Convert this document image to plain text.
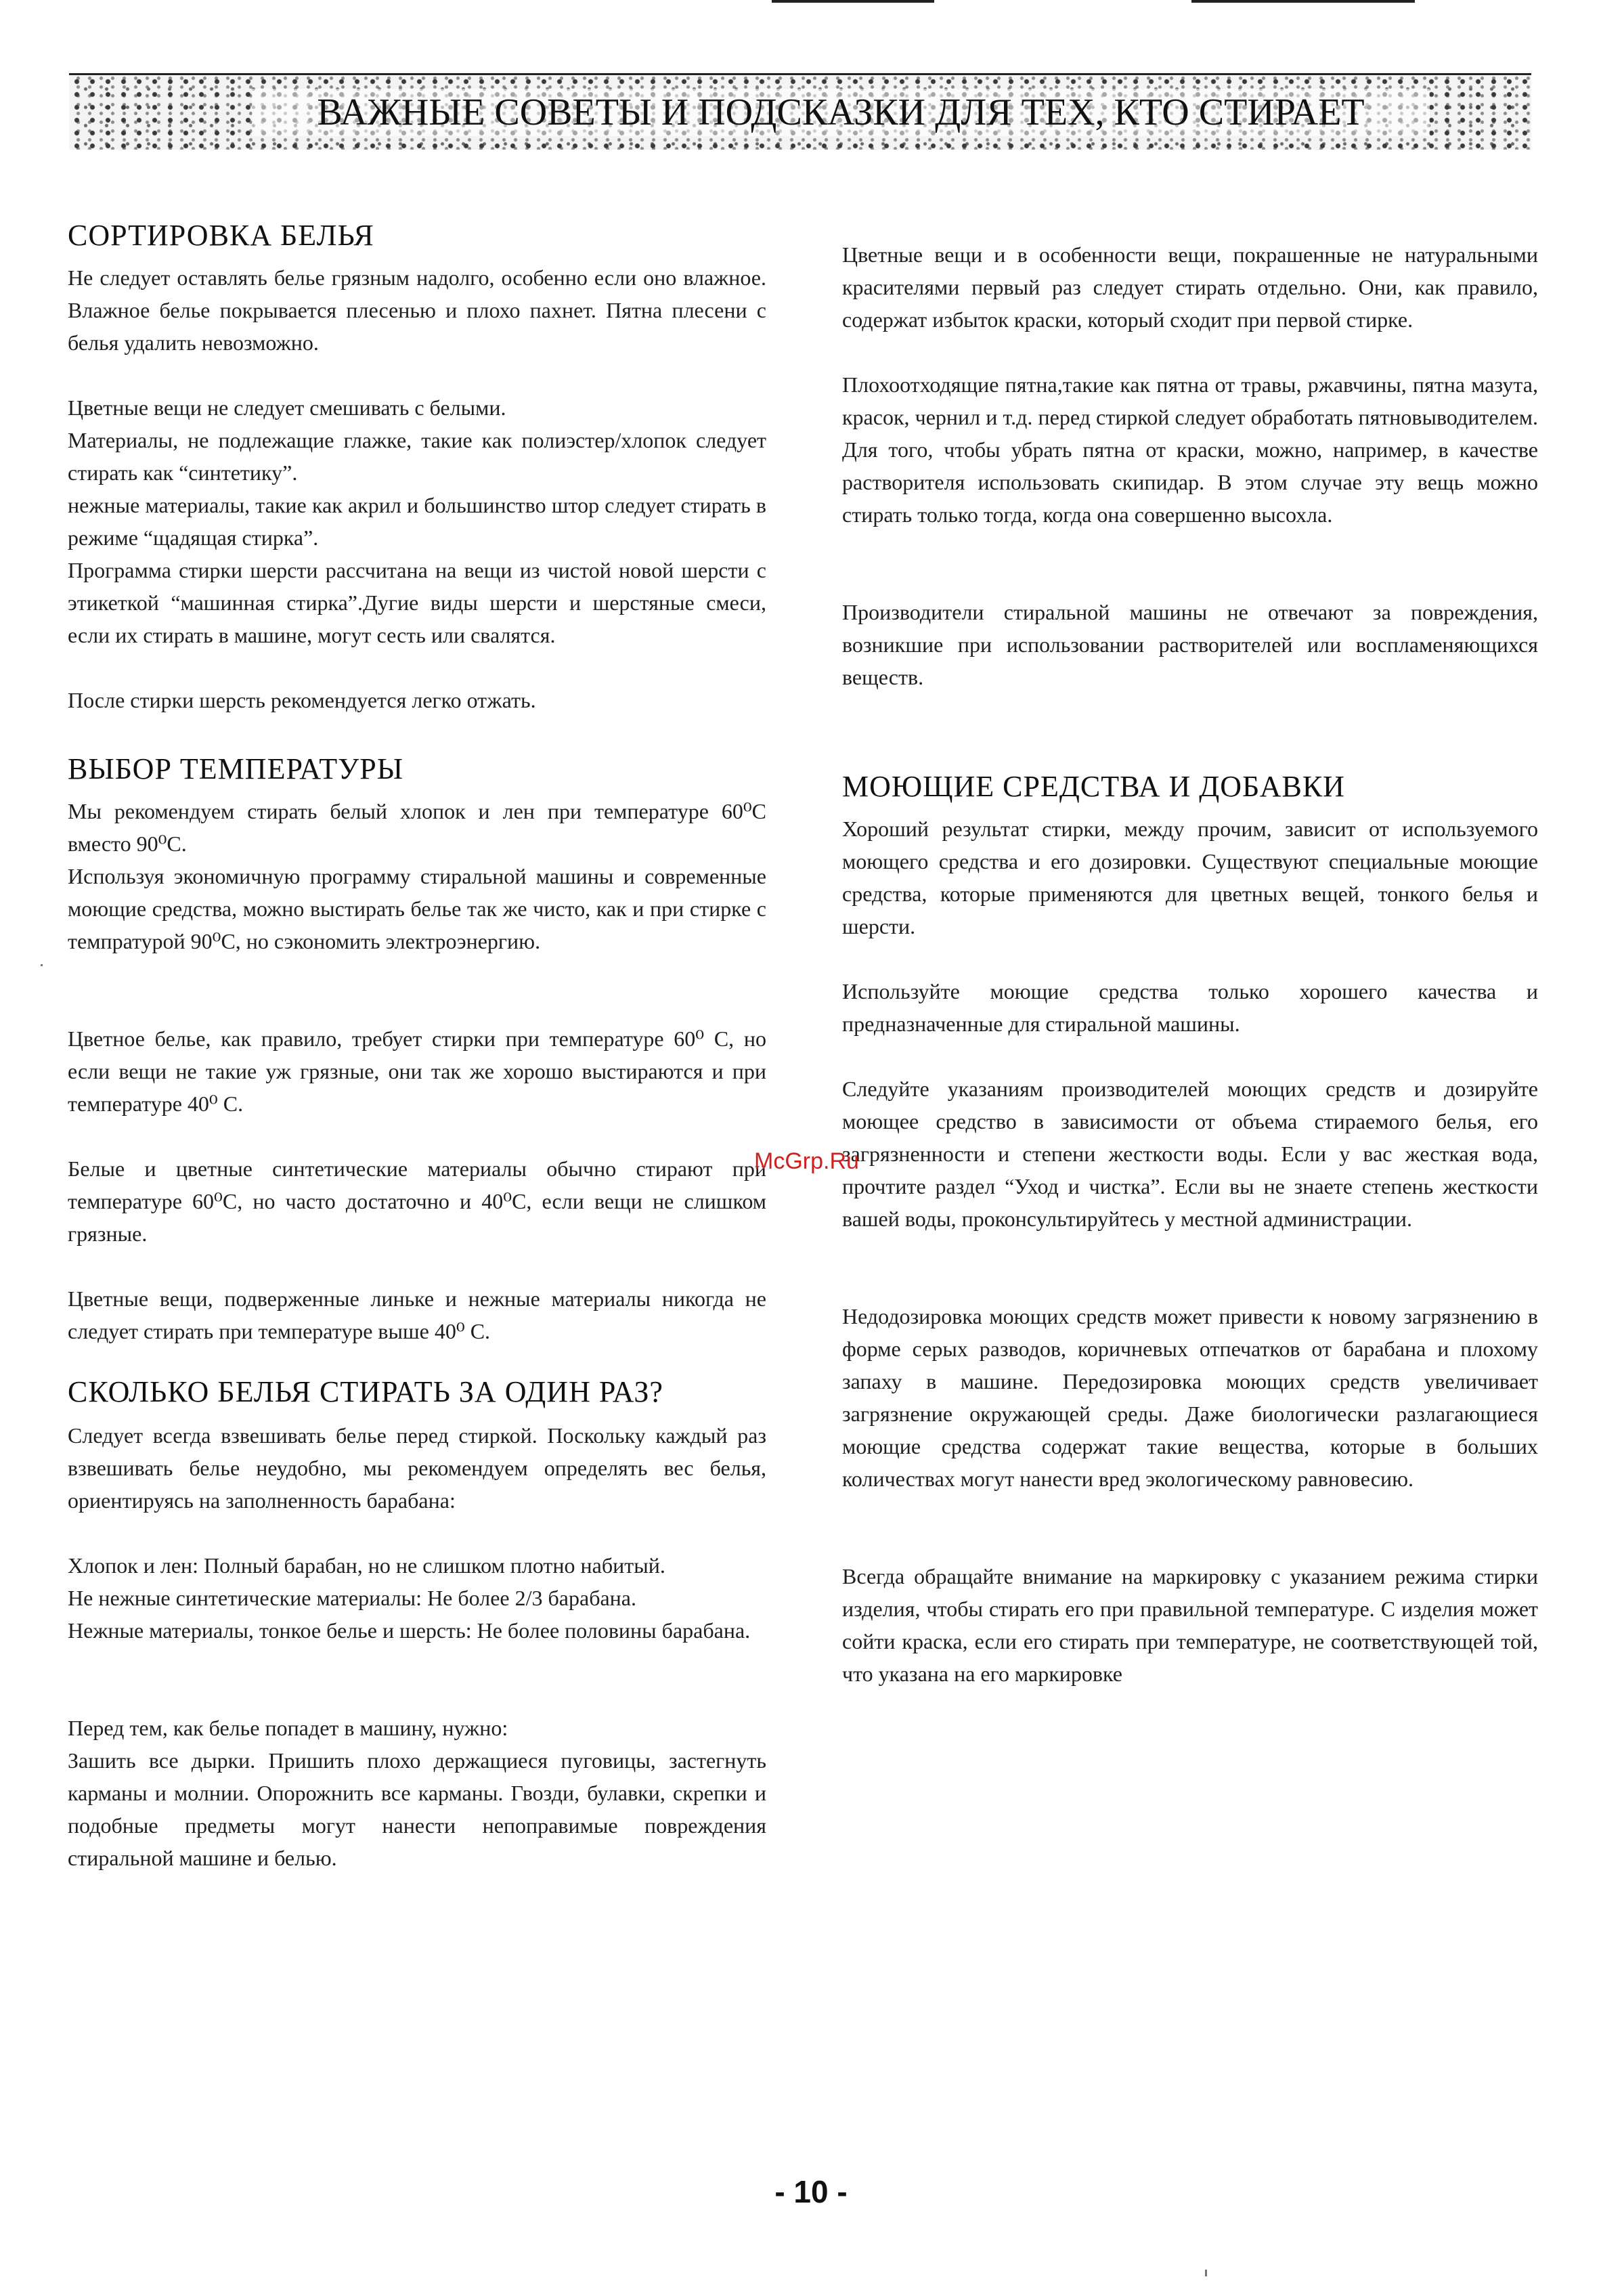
ВАЖНЫЕ СОВЕТЫ И ПОДСКАЗКИ ДЛЯ ТЕХ, КТО СТИРАЕТ
СОРТИРОВКА БЕЛЬЯ

Не следует оставлять белье грязным надолго, особенно если оно влажное. Влажное белье покрывается плесенью и плохо пахнет. Пятна плесени с белья удалить невозможно.

Цветные вещи не следует смешивать с белыми.

Материалы, не подлежащие глажке, такие как полиэстер/хлопок следует стирать как “синтетику”.

нежные материалы, такие как акрил и большинство штор следует стирать в режиме “щадящая стирка”.

Программа стирки шерсти рассчитана на вещи из чистой новой шерсти с этикеткой “машинная стирка”.Дугие виды шерсти и шерстяные смеси, если их стирать в машине, могут сесть или свалятся.

После стирки шерсть рекомендуется легко отжать.

ВЫБОР ТЕМПЕРАТУРЫ

Мы рекомендуем стирать белый хлопок и лен при температуре 60⁰С вместо 90⁰С.

Используя экономичную программу стиральной машины и современные моющие средства, можно выстирать белье так же чисто, как и при стирке с темпратурой 90⁰С, но сэкономить электроэнергию.

Цветное белье, как правило, требует стирки при температуре 60⁰ С, но если вещи не такие уж грязные, они так же хорошо выстираются и при температуре 40⁰ С.

Белые и цветные синтетические материалы обычно стирают при температуре 60⁰С, но часто достаточно и 40⁰С, если вещи не слишком грязные.

Цветные вещи, подверженные линьке и нежные материалы никогда не следует стирать при температуре выше 40⁰ С.

СКОЛЬКО БЕЛЬЯ СТИРАТЬ ЗА ОДИН РАЗ?

Следует всегда взвешивать белье перед стиркой. Поскольку каждый раз взвешивать белье неудобно, мы рекомендуем определять вес белья, ориентируясь на заполненность барабана:

Хлопок и лен: Полный барабан, но не слишком плотно набитый.

Не нежные синтетические материалы: Не более 2/3 барабана.

Нежные материалы, тонкое белье и шерсть: Не более половины барабана.

Перед тем, как белье попадет в машину, нужно:

Зашить все дырки. Пришить плохо держащиеся пуговицы, застегнуть карманы и молнии. Опорожнить все карманы. Гвозди, булавки, скрепки и подобные предметы могут нанести непоправимые повреждения стиральной машине и белью.

Цветные вещи и в особенности вещи, покрашенные не натуральными красителями первый раз следует стирать отдельно. Они, как правило, содержат избыток краски, который сходит при первой стирке.

Плохоотходящие пятна,такие как пятна от травы, ржавчины, пятна мазута, красок, чернил и т.д. перед стиркой следует обработать пятновыводителем. Для того, чтобы убрать пятна от краски, можно, например, в качестве растворителя использовать скипидар. В этом случае эту вещь можно стирать только тогда, когда она совершенно высохла.

Производители стиральной машины не отвечают за повреждения, возникшие при использовании растворителей или воспламеняющихся веществ.

МОЮЩИЕ СРЕДСТВА И ДОБАВКИ

Хороший результат стирки, между прочим, зависит от используемого моющего средства и его дозировки. Существуют специальные моющие средства, которые применяются для цветных вещей, тонкого белья и шерсти.

Используйте моющие средства только хорошего качества и предназначенные для стиральной машины.

Следуйте указаниям производителей моющих средств и дозируйте моющее средство в зависимости от объема стираемого белья, его загрязненности и степени жесткости воды. Если у вас жесткая вода, прочтите раздел “Уход и чистка”. Если вы не знаете степень жесткости вашей воды, проконсультируйтесь у местной администрации.

Недодозировка моющих средств может привести к новому загрязнению в форме серых разводов, коричневых отпечатков от барабана и плохому запаху в машине. Передозировка моющих средств увеличивает загрязнение окружающей среды. Даже биологически разлагающиеся моющие средства содержат такие вещества, которые в больших количествах могут нанести вред экологическому равновесию.

Всегда обращайте внимание на маркировку с указанием режима стирки изделия, чтобы стирать его при правильной температуре. С изделия может сойти краска, если его стирать при температуре, не соответствующей той, что указана на его маркировке

McGrp.Ru
- 10 -
